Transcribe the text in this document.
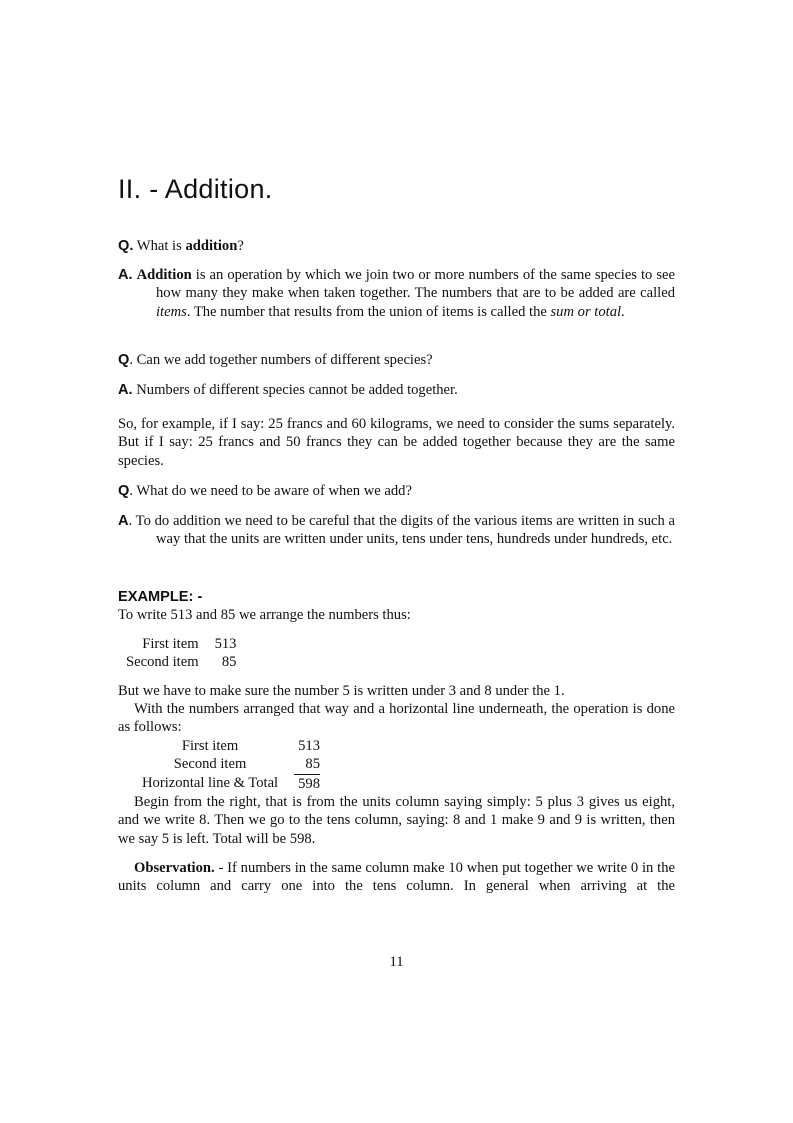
II. - Addition.

Q. What is addition?

A. Addition is an operation by which we join two or more numbers of the same species to see how many they make when taken together. The numbers that are to be added are called items. The number that results from the union of items is called the sum or total.

Q. Can we add together numbers of different species?

A. Numbers of different species cannot be added together.

So, for example, if I say: 25 francs and 60 kilograms, we need to consider the sums separately. But if I say: 25 francs and 50 francs they can be added together because they are the same species.

Q. What do we need to be aware of when we add?

A. To do addition we need to be careful that the digits of the various items are written in such a way that the units are written under units, tens under tens, hundreds under hundreds, etc.

EXAMPLE: -

To write 513 and 85 we arrange the numbers thus:

First item	513
Second item	85

But we have to make sure the number 5 is written under 3 and 8 under the 1.

With the numbers arranged that way and a horizontal line underneath, the operation is done as follows:

First item	513
Second item	85
Horizontal line & Total	598

Begin from the right, that is from the units column saying simply: 5 plus 3 gives us eight, and we write 8. Then we go to the tens column, saying: 8 and 1 make 9 and 9 is written, then we say 5 is left. Total will be 598.

Observation. - If numbers in the same column make 10 when put together we write 0 in the units column and carry one into the tens column. In general when arriving at the

11
